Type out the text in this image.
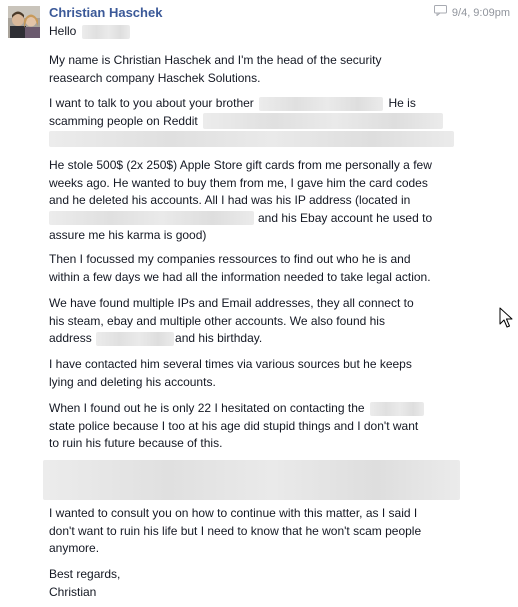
Christian Haschek	9/4, 9:09pm
Hello
My name is Christian Haschek and I'm the head of the security
reasearch company Haschek Solutions.
I want to talk to you about your brother	He is
scamming people on Reddit
He stole 500$ (2x 250$) Apple Store gift cards from me personally a few
weeks ago. He wanted to buy them from me, I gave him the card codes
and he deleted his accounts. All I had was his IP address (located in
and his Ebay account he used to
assure me his karma is good)
Then I focussed my companies ressources to find out who he is and
within a few days we had all the information needed to take legal action.
We have found multiple IPs and Email addresses, they all connect to
his steam, ebay and multiple other accounts. We also found his
address	and his birthday.
I have contacted him several times via various sources but he keeps
lying and deleting his accounts.
When I found out he is only 22 I hesitated on contacting the
state police because I too at his age did stupid things and I don't want
to ruin his future because of this.
I wanted to consult you on how to continue with this matter, as I said I
don't want to ruin his life but I need to know that he won't scam people
anymore.
Best regards,
Christian
